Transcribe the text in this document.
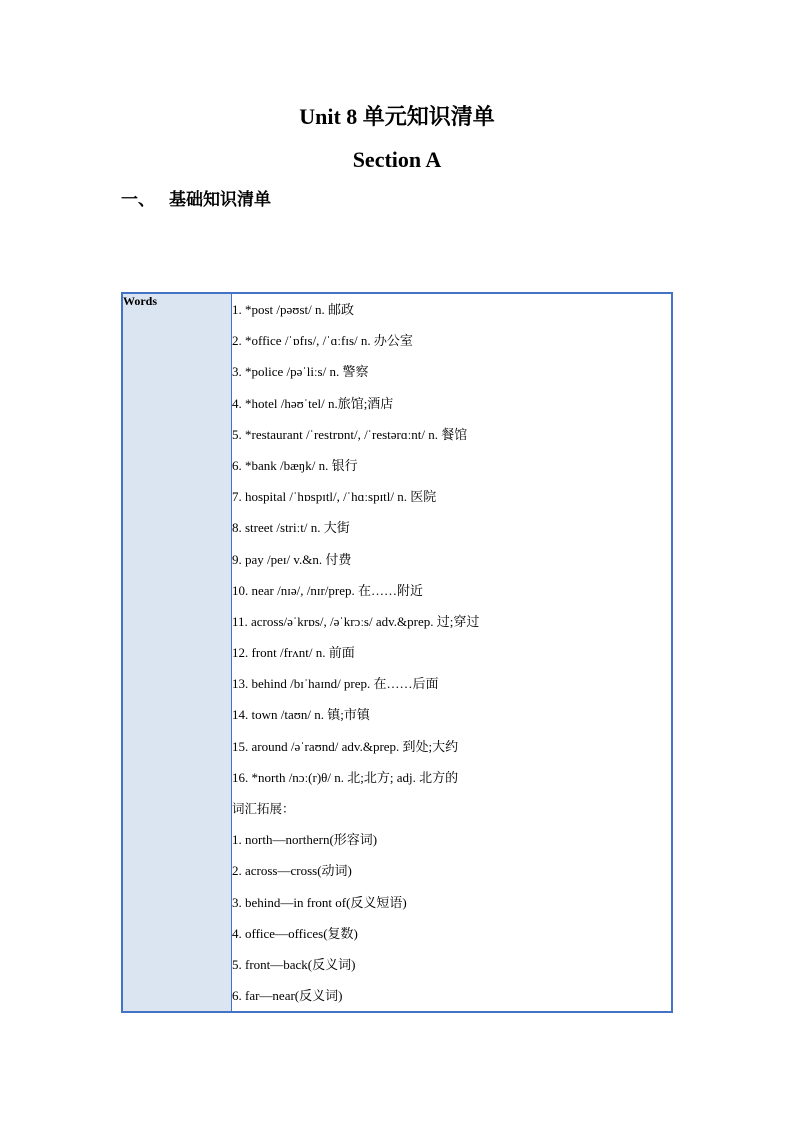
Unit 8 单元知识清单
Section A
一、 基础知识清单
Words	
1. *post /pəʊst/ n. 邮政
2. *office /ˈɒfɪs/, /ˈɑːfɪs/ n. 办公室
3. *police /pəˈliːs/ n. 警察
4. *hotel /həʊˈtel/ n.旅馆;酒店
5. *restaurant /ˈrestrɒnt/, /ˈrestərɑːnt/ n. 餐馆
6. *bank /bæŋk/ n. 银行
7. hospital /ˈhɒspɪtl/, /ˈhɑːspɪtl/ n. 医院
8. street /striːt/ n. 大街
9. pay /peɪ/ v.&n. 付费
10. near /nɪə/, /nɪr/prep. 在……附近
11. across/əˈkrɒs/, /əˈkrɔːs/ adv.&prep. 过;穿过
12. front /frʌnt/ n. 前面
13. behind /bɪˈhaɪnd/ prep. 在……后面
14. town /taʊn/ n. 镇;市镇
15. around /əˈraʊnd/ adv.&prep. 到处;大约
16. *north /nɔː(r)θ/ n. 北;北方; adj. 北方的
词汇拓展：
1. north—northern(形容词)
2. across—cross(动词)
3. behind—in front of(反义短语)
4. office—offices(复数)
5. front—back(反义词)
6. far—near(反义词)
